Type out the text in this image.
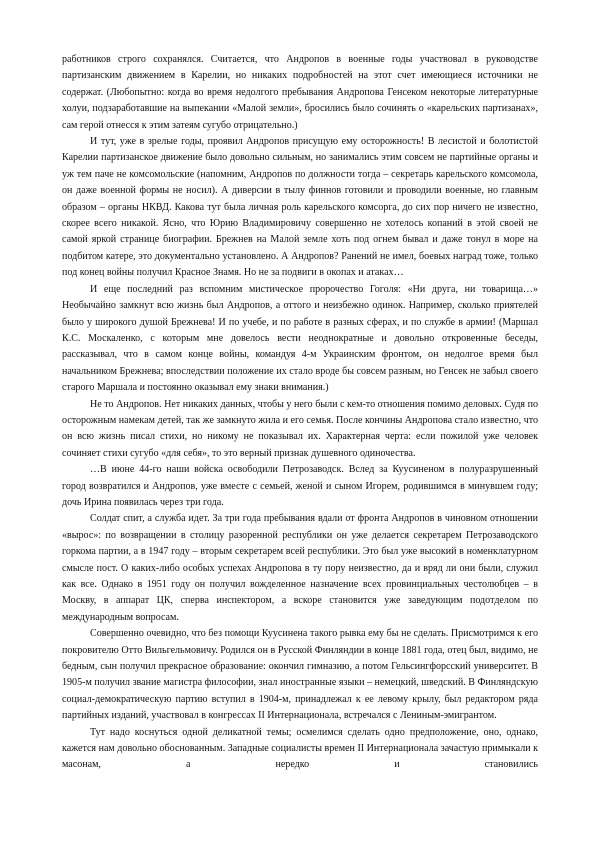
работников строго сохранялся. Считается, что Андропов в военные годы участвовал в руководстве партизанским движением в Карелии, но никаких подробностей на этот счет имеющиеся источники не содержат. (Любопытно: когда во время недолгого пребывания Андропова Генсеком некоторые литературные холуи, подзаработавшие на выпекании «Малой земли», бросились было сочинять о «карельских партизанах», сам герой отнесся к этим затеям сугубо отрицательно.)

И тут, уже в зрелые годы, проявил Андропов присущую ему осторожность! В лесистой и болотистой Карелии партизанское движение было довольно сильным, но занимались этим совсем не партийные органы и уж тем паче не комсомольские (напомним, Андропов по должности тогда – секретарь карельского комсомола, он даже военной формы не носил). А диверсии в тылу финнов готовили и проводили военные, но главным образом – органы НКВД. Какова тут была личная роль карельского комсорга, до сих пор ничего не известно, скорее всего никакой. Ясно, что Юрию Владимировичу совершенно не хотелось копаний в этой своей не самой яркой странице биографии. Брежнев на Малой земле хоть под огнем бывал и даже тонул в море на подбитом катере, это документально установлено. А Андропов? Ранений не имел, боевых наград тоже, только под конец войны получил Красное Знамя. Но не за подвиги в окопах и атаках…

И еще последний раз вспомним мистическое пророчество Гоголя: «Ни друга, ни товарища…» Необычайно замкнут всю жизнь был Андропов, а оттого и неизбежно одинок. Например, сколько приятелей было у широкого душой Брежнева! И по учебе, и по работе в разных сферах, и по службе в армии! (Маршал К.С. Москаленко, с которым мне довелось вести неоднократные и довольно откровенные беседы, рассказывал, что в самом конце войны, командуя 4-м Украинским фронтом, он недолгое время был начальником Брежнева; впоследствии положение их стало вроде бы совсем разным, но Генсек не забыл своего старого Маршала и постоянно оказывал ему знаки внимания.)

Не то Андропов. Нет никаких данных, чтобы у него были с кем-то отношения помимо деловых. Судя по осторожным намекам детей, так же замкнуто жила и его семья. После кончины Андропова стало известно, что он всю жизнь писал стихи, но никому не показывал их. Характерная черта: если пожилой уже человек сочиняет стихи сугубо «для себя», то это верный признак душевного одиночества.

…В июне 44-го наши войска освободили Петрозаводск. Вслед за Куусиненом в полуразрушенный город возвратился и Андропов, уже вместе с семьей, женой и сыном Игорем, родившимся в минувшем году; дочь Ирина появилась через три года.

Солдат спит, а служба идет. За три года пребывания вдали от фронта Андропов в чиновном отношении «вырос»: по возвращении в столицу разоренной республики он уже делается секретарем Петрозаводского горкома партии, а в 1947 году – вторым секретарем всей республики. Это был уже высокий в номенклатурном смысле пост. О каких-либо особых успехах Андропова в ту пору неизвестно, да и вряд ли они были, служил как все. Однако в 1951 году он получил вожделенное назначение всех провинциальных честолюбцев – в Москву, в аппарат ЦК, сперва инспектором, а вскоре становится уже заведующим подотделом по международным вопросам.

Совершенно очевидно, что без помощи Куусинена такого рывка ему бы не сделать. Присмотримся к его покровителю Отто Вильгельмовичу. Родился он в Русской Финляндии в конце 1881 года, отец был, видимо, не бедным, сын получил прекрасное образование: окончил гимназию, а потом Гельсингфорсский университет. В 1905-м получил звание магистра философии, знал иностранные языки – немецкий, шведский. В Финляндскую социал-демократическую партию вступил в 1904-м, принадлежал к ее левому крылу, был редактором ряда партийных изданий, участвовал в конгрессах II Интернационала, встречался с Лениным-эмигрантом.

Тут надо коснуться одной деликатной темы; осмелимся сделать одно предположение, оно, однако, кажется нам довольно обоснованным. Западные социалисты времен II Интернационала зачастую примыкали к масонам, а нередко и становились
